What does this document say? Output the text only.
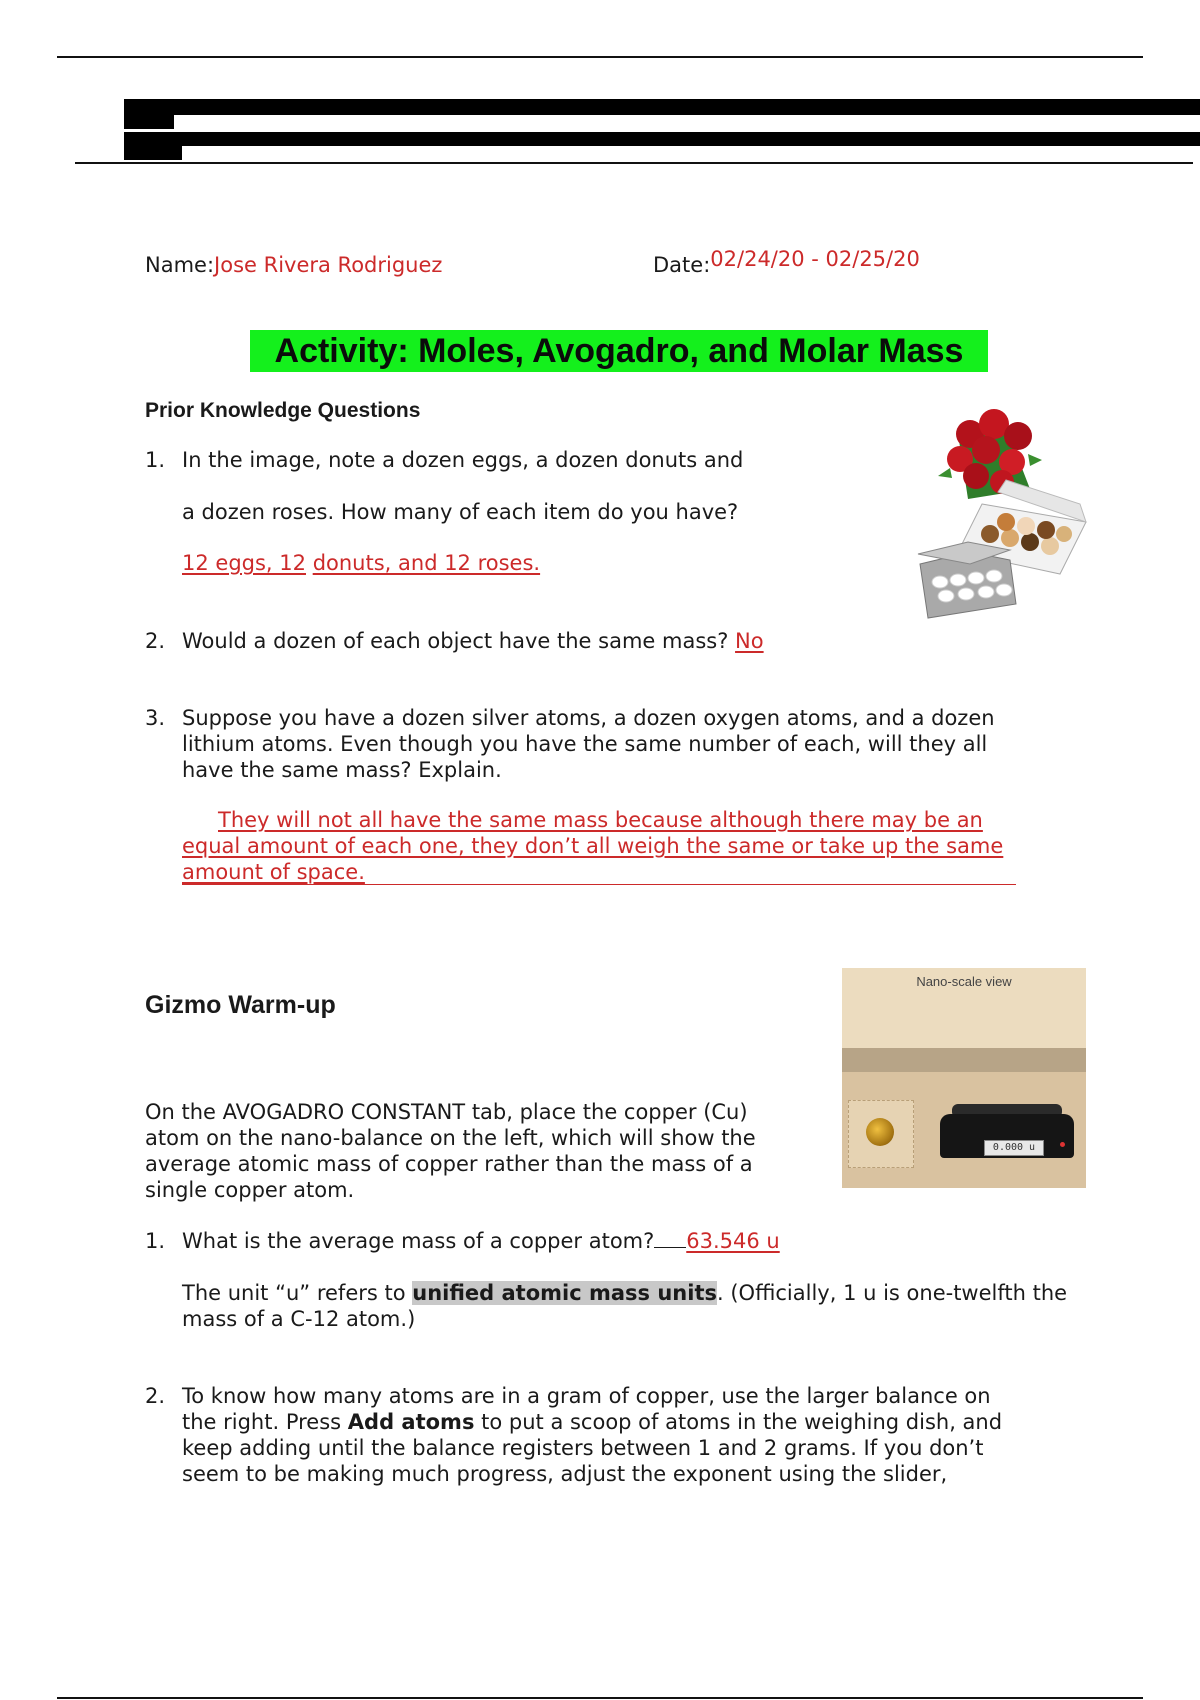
Name:Jose Rivera Rodriguez	Date:02/24/20 - 02/25/20
Activity: Moles, Avogadro, and Molar Mass
Prior Knowledge Questions
1. In the image, note a dozen eggs, a dozen donuts and
a dozen roses. How many of each item do you have?
12 eggs, 12 donuts, and 12 roses.
2. Would a dozen of each object have the same mass? No
3. Suppose you have a dozen silver atoms, a dozen oxygen atoms, and a dozen
lithium atoms. Even though you have the same number of each, will they all
have the same mass? Explain.
They will not all have the same mass because although there may be an
equal amount of each one, they don’t all weigh the same or take up the same
amount of space.
Gizmo Warm-up
Nano-scale view
0.000 u
On the AVOGADRO CONSTANT tab, place the copper (Cu)
atom on the nano-balance on the left, which will show the
average atomic mass of copper rather than the mass of a
single copper atom.
1. What is the average mass of a copper atom? 63.546 u
The unit “u” refers to unified atomic mass units. (Officially, 1 u is one-twelfth the
mass of a C-12 atom.)
2. To know how many atoms are in a gram of copper, use the larger balance on
the right. Press Add atoms to put a scoop of atoms in the weighing dish, and
keep adding until the balance registers between 1 and 2 grams. If you don’t
seem to be making much progress, adjust the exponent using the slider,
